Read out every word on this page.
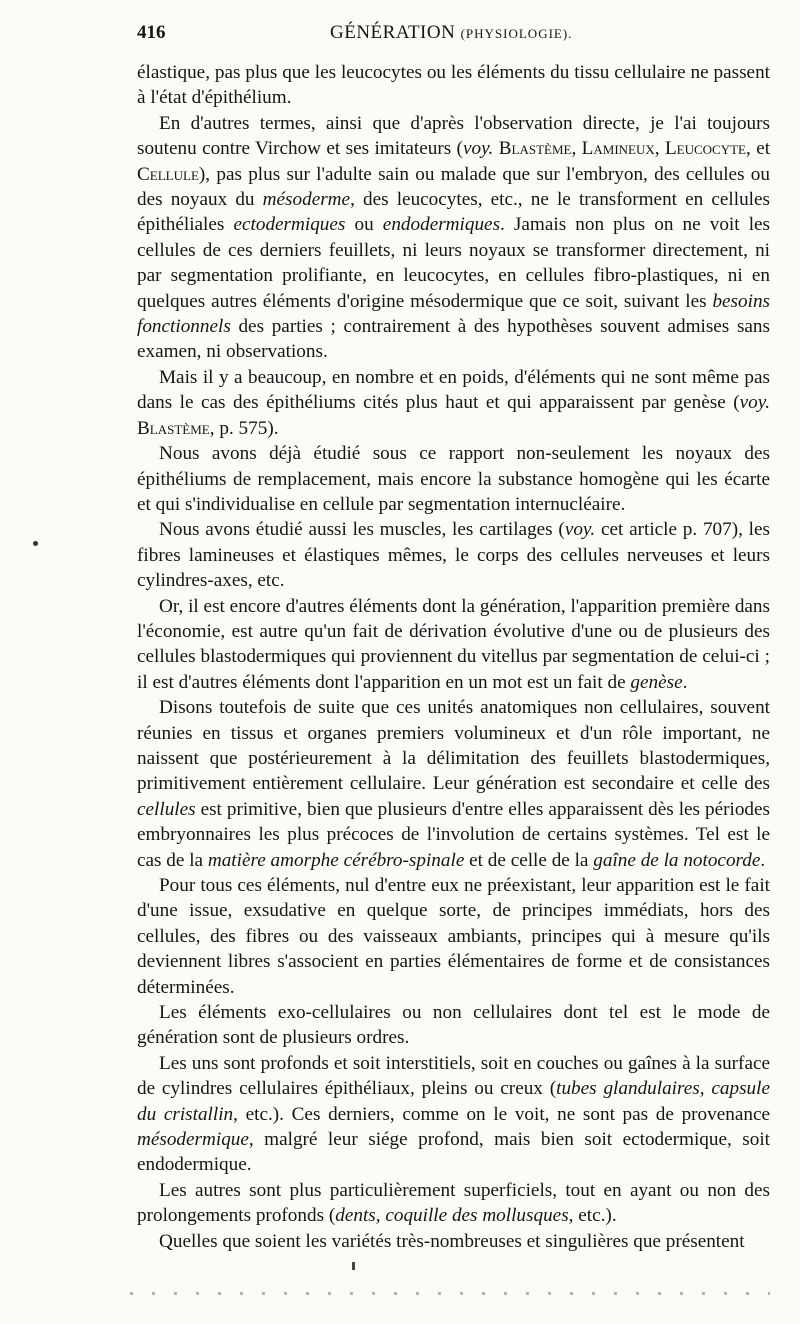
416	GÉNÉRATION (PHYSIOLOGIE).

élastique, pas plus que les leucocytes ou les éléments du tissu cellulaire ne passent à l'état d'épithélium.

En d'autres termes, ainsi que d'après l'observation directe, je l'ai toujours soutenu contre Virchow et ses imitateurs (voy. Blastème, Lamineux, Leucocyte, et Cellule), pas plus sur l'adulte sain ou malade que sur l'embryon, des cellules ou des noyaux du mésoderme, des leucocytes, etc., ne le transforment en cellules épithéliales ectodermiques ou endodermiques. Jamais non plus on ne voit les cellules de ces derniers feuillets, ni leurs noyaux se transformer directement, ni par segmentation prolifiante, en leucocytes, en cellules fibro-plastiques, ni en quelques autres éléments d'origine mésodermique que ce soit, suivant les besoins fonctionnels des parties ; contrairement à des hypothèses souvent admises sans examen, ni observations.

Mais il y a beaucoup, en nombre et en poids, d'éléments qui ne sont même pas dans le cas des épithéliums cités plus haut et qui apparaissent par genèse (voy. Blastème, p. 575).

Nous avons déjà étudié sous ce rapport non-seulement les noyaux des épithéliums de remplacement, mais encore la substance homogène qui les écarte et qui s'individualise en cellule par segmentation internucléaire.

Nous avons étudié aussi les muscles, les cartilages (voy. cet article p. 707), les fibres lamineuses et élastiques mêmes, le corps des cellules nerveuses et leurs cylindres-axes, etc.

Or, il est encore d'autres éléments dont la génération, l'apparition première dans l'économie, est autre qu'un fait de dérivation évolutive d'une ou de plusieurs des cellules blastodermiques qui proviennent du vitellus par segmentation de celui-ci ; il est d'autres éléments dont l'apparition en un mot est un fait de genèse.

Disons toutefois de suite que ces unités anatomiques non cellulaires, souvent réunies en tissus et organes premiers volumineux et d'un rôle important, ne naissent que postérieurement à la délimitation des feuillets blastodermiques, primitivement entièrement cellulaire. Leur génération est secondaire et celle des cellules est primitive, bien que plusieurs d'entre elles apparaissent dès les périodes embryonnaires les plus précoces de l'involution de certains systèmes. Tel est le cas de la matière amorphe cérébro-spinale et de celle de la gaîne de la notocorde.

Pour tous ces éléments, nul d'entre eux ne préexistant, leur apparition est le fait d'une issue, exsudative en quelque sorte, de principes immédiats, hors des cellules, des fibres ou des vaisseaux ambiants, principes qui à mesure qu'ils deviennent libres s'associent en parties élémentaires de forme et de consistances déterminées.

Les éléments exo-cellulaires ou non cellulaires dont tel est le mode de génération sont de plusieurs ordres.

Les uns sont profonds et soit interstitiels, soit en couches ou gaînes à la surface de cylindres cellulaires épithéliaux, pleins ou creux (tubes glandulaires, capsule du cristallin, etc.). Ces derniers, comme on le voit, ne sont pas de provenance mésodermique, malgré leur siége profond, mais bien soit ectodermique, soit endodermique.

Les autres sont plus particulièrement superficiels, tout en ayant ou non des prolongements profonds (dents, coquille des mollusques, etc.).

Quelles que soient les variétés très-nombreuses et singulières que présentent
